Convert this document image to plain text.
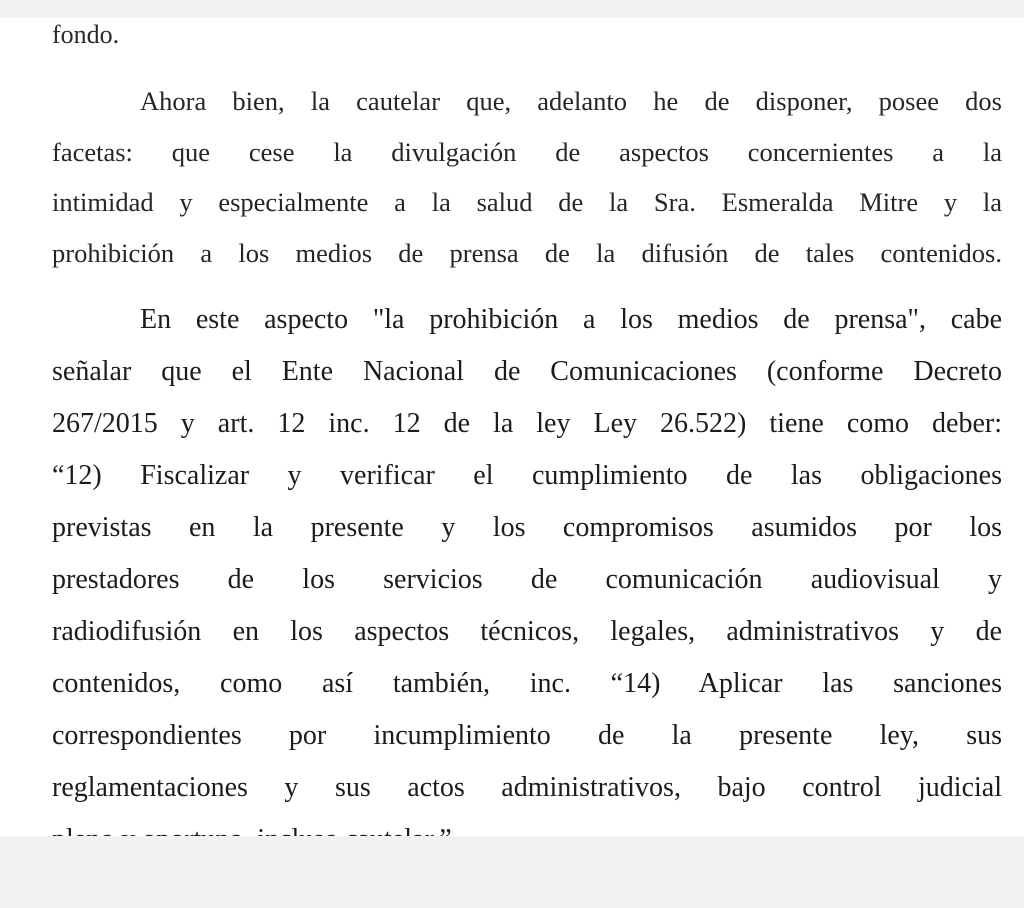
fondo.
Ahora bien, la cautelar que, adelanto he de disponer, posee dos
facetas: que cese la divulgación de aspectos concernientes a la
intimidad y especialmente a la salud de la Sra. Esmeralda Mitre y la
prohibición a los medios de prensa de la difusión de tales contenidos.
En este aspecto "la prohibición a los medios de prensa", cabe
señalar que el Ente Nacional de Comunicaciones (conforme Decreto
267/2015 y art. 12 inc. 12 de la ley Ley 26.522) tiene como deber:
“12) Fiscalizar y verificar el cumplimiento de las obligaciones
previstas en la presente y los compromisos asumidos por los
prestadores de los servicios de comunicación audiovisual y
radiodifusión en los aspectos técnicos, legales, administrativos y de
contenidos, como así también, inc. “14) Aplicar las sanciones
correspondientes por incumplimiento de la presente ley, sus
reglamentaciones y sus actos administrativos, bajo control judicial
